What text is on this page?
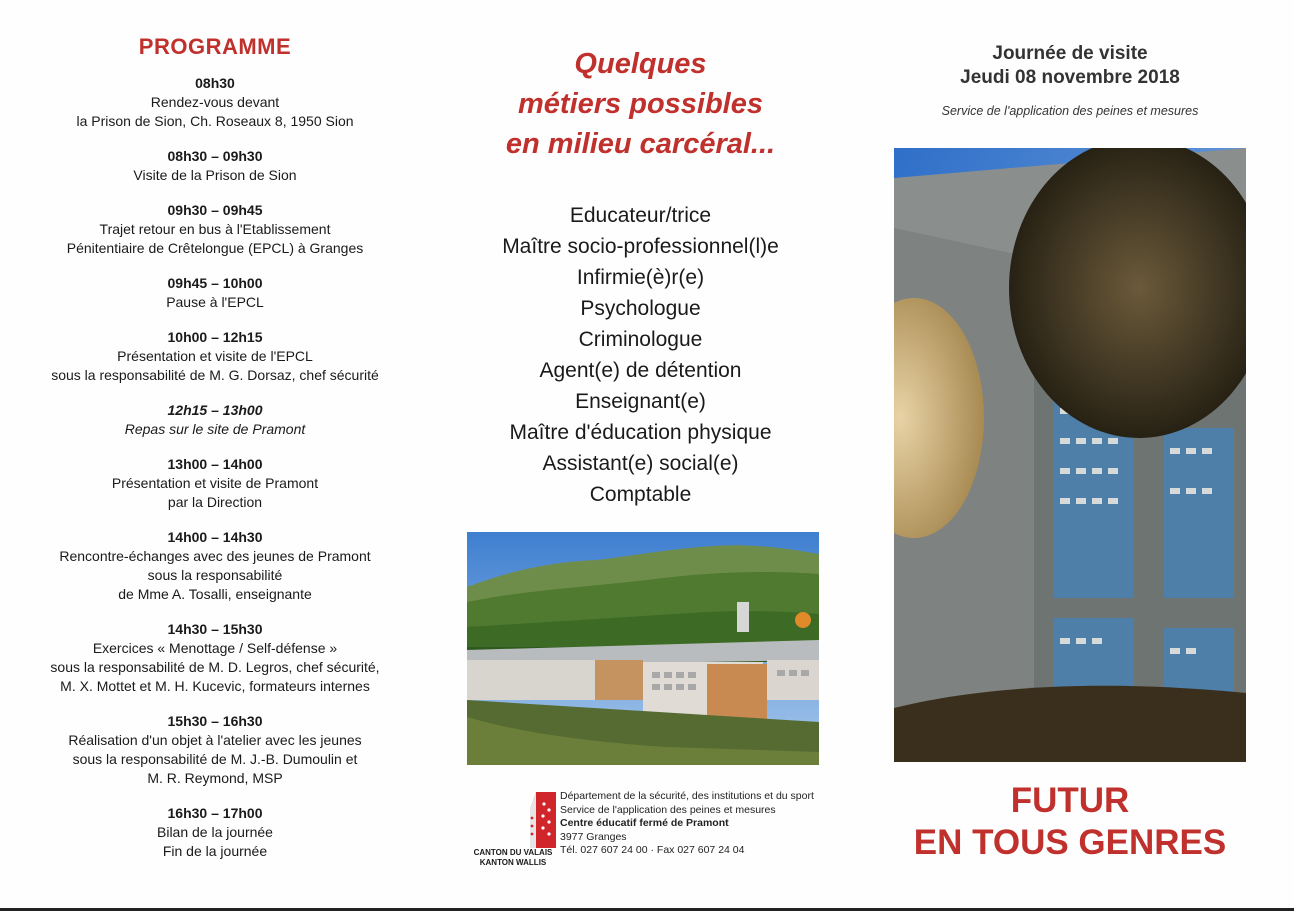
PROGRAMME
08h30
Rendez-vous devant
la Prison de Sion, Ch. Roseaux 8, 1950 Sion
08h30 – 09h30
Visite de la Prison de Sion
09h30 – 09h45
Trajet retour en bus à l'Etablissement
Pénitentiaire de Crêtelongue (EPCL) à Granges
09h45 – 10h00
Pause à l'EPCL
10h00 – 12h15
Présentation et visite de l'EPCL
sous la responsabilité de M. G. Dorsaz, chef sécurité
12h15 – 13h00
Repas sur le site de Pramont
13h00 – 14h00
Présentation et visite de Pramont
par la Direction
14h00 – 14h30
Rencontre-échanges avec des jeunes de Pramont
sous la responsabilité
de Mme A. Tosalli, enseignante
14h30 – 15h30
Exercices « Menottage / Self-défense »
sous la responsabilité de M. D. Legros, chef sécurité,
M. X. Mottet et M. H. Kucevic, formateurs internes
15h30 – 16h30
Réalisation d'un objet à l'atelier avec les jeunes
sous la responsabilité de M. J.-B. Dumoulin et
M. R. Reymond, MSP
16h30 – 17h00
Bilan de la journée
Fin de la journée
Quelques
métiers possibles
en milieu carcéral...
Educateur/trice
Maître socio-professionnel(l)e
Infirmie(è)r(e)
Psychologue
Criminologue
Agent(e) de détention
Enseignant(e)
Maître d'éducation physique
Assistant(e) social(e)
Comptable
CANTON DU VALAIS
KANTON WALLIS
Département de la sécurité, des institutions et du sport
Service de l'application des peines et mesures
Centre éducatif fermé de Pramont
3977 Granges
Tél. 027 607 24 00 · Fax 027 607 24 04
Journée de visite
Jeudi 08 novembre 2018
Service de l'application des peines et mesures
FUTUR
EN TOUS GENRES
